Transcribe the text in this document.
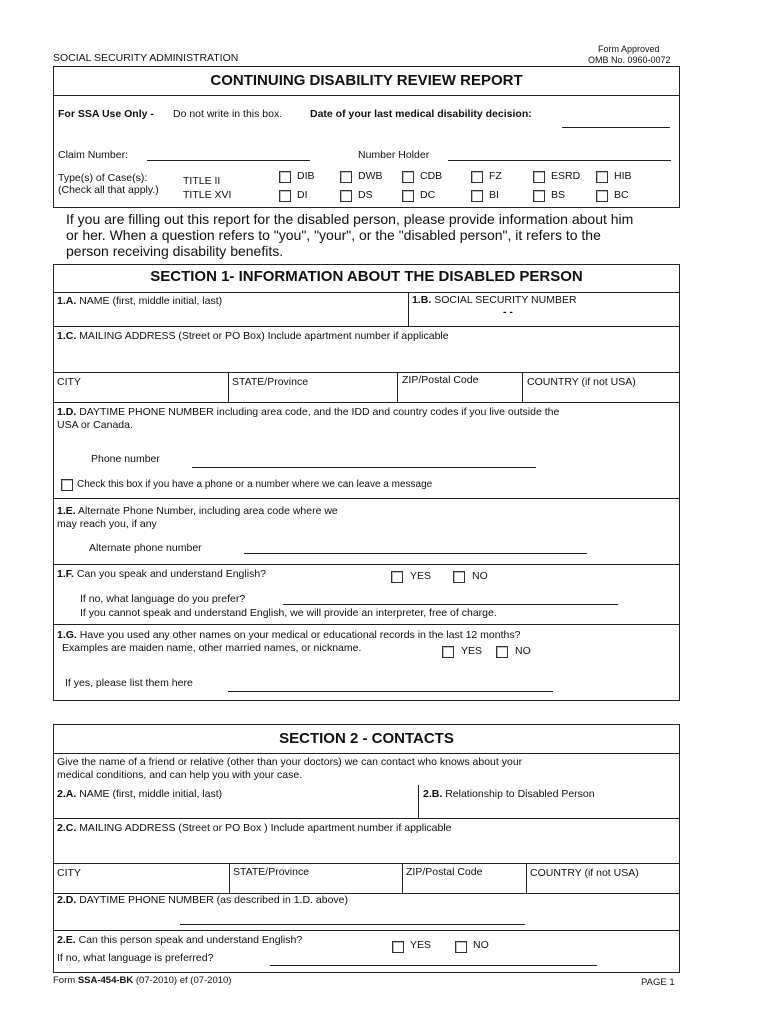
SOCIAL SECURITY ADMINISTRATION
Form Approved
OMB No. 0960-0072
CONTINUING DISABILITY REVIEW REPORT
For SSA Use Only - Do not write in this box.	Date of your last medical disability decision:
Claim Number:	Number Holder
Type(s) of Case(s):
(Check all that apply.)
TITLE II
TITLE XVI
DIB	DWB	CDB	FZ	ESRD	HIB
DI	DS	DC	BI	BS	BC
If you are filling out this report for the disabled person, please provide information about him
or her. When a question refers to "you", "your", or the "disabled person", it refers to the
person receiving disability benefits.
SECTION 1- INFORMATION ABOUT THE DISABLED PERSON
1.A. NAME (first, middle initial, last)	1.B. SOCIAL SECURITY NUMBER
- -
1.C. MAILING ADDRESS (Street or PO Box) Include apartment number if applicable
CITY	STATE/Province	ZIP/Postal Code	COUNTRY (if not USA)
1.D. DAYTIME PHONE NUMBER including area code, and the IDD and country codes if you live outside the
USA or Canada.
Phone number
Check this box if you have a phone or a number where we can leave a message
1.E. Alternate Phone Number, including area code where we
may reach you, if any
Alternate phone number
1.F. Can you speak and understand English?	YES	NO
If no, what language do you prefer?
If you cannot speak and understand English, we will provide an interpreter, free of charge.
1.G. Have you used any other names on your medical or educational records in the last 12 months?
Examples are maiden name, other married names, or nickname.	YES	NO
If yes, please list them here
SECTION 2 - CONTACTS
Give the name of a friend or relative (other than your doctors) we can contact who knows about your
medical conditions, and can help you with your case.
2.A. NAME (first, middle initial, last)	2.B. Relationship to Disabled Person
2.C. MAILING ADDRESS (Street or PO Box ) Include apartment number if applicable
CITY	STATE/Province	ZIP/Postal Code	COUNTRY (if not USA)
2.D. DAYTIME PHONE NUMBER (as described in 1.D. above)
2.E. Can this person speak and understand English?	YES	NO
If no, what language is preferred?
Form SSA-454-BK (07-2010) ef (07-2010)	PAGE 1
